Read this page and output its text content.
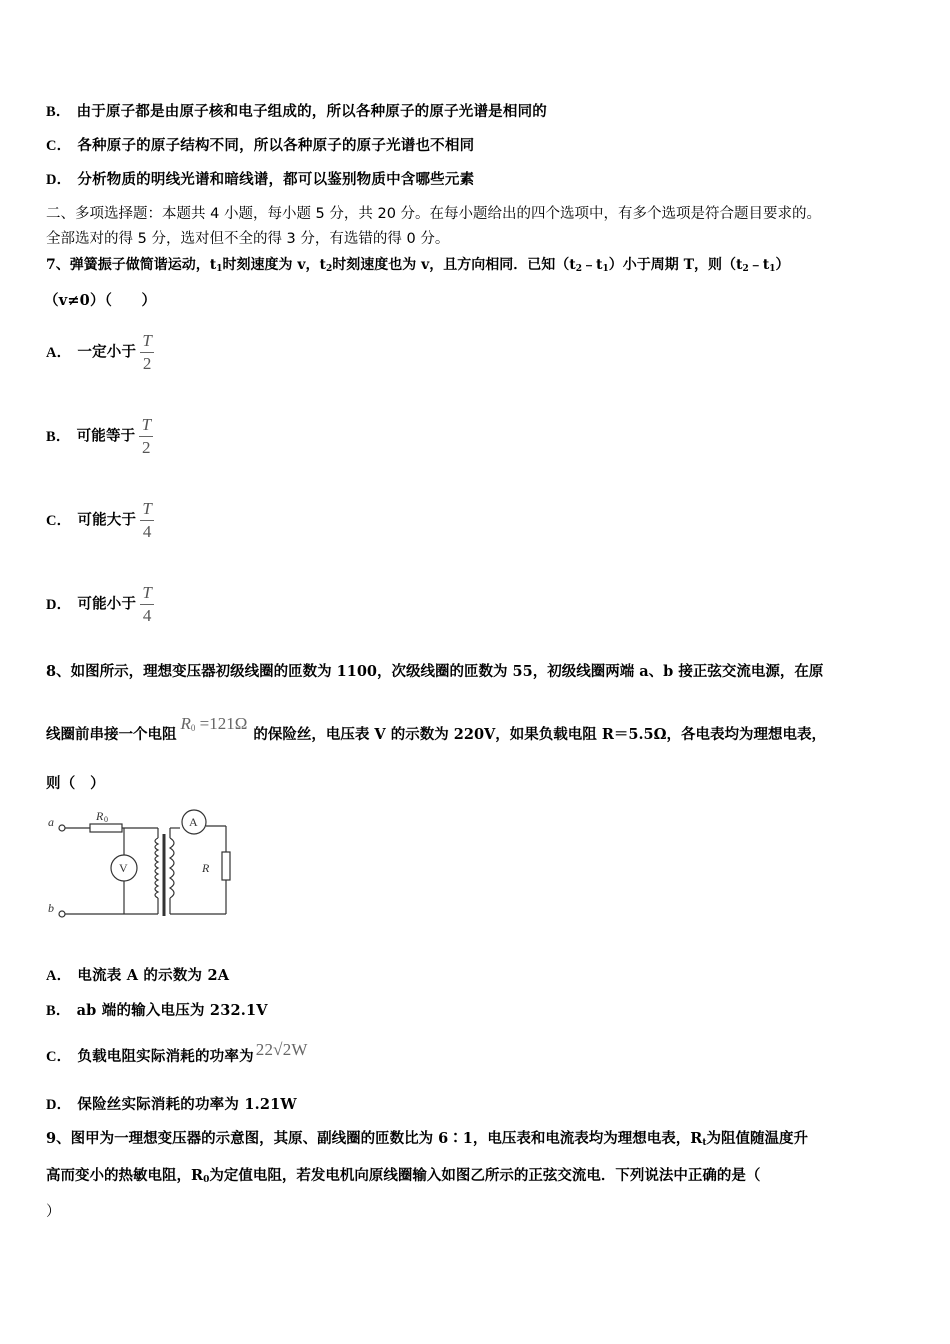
B． 由于原子都是由原子核和电子组成的，所以各种原子的原子光谱是相同的
C． 各种原子的原子结构不同，所以各种原子的原子光谱也不相同
D． 分析物质的明线光谱和暗线谱，都可以鉴别物质中含哪些元素
二、多项选择题：本题共 4 小题，每小题 5 分，共 20 分。在每小题给出的四个选项中，有多个选项是符合题目要求的。
全部选对的得 5 分，选对但不全的得 3 分，有选错的得 0 分。
7、弹簧振子做简谐运动，$t_1$时刻速度为 v，$t_2$时刻速度也为 v，且方向相同．已知$(t_2﹣t_1)$小于周期 T，则$(t_2﹣t_1)$
（v≠0）（　　）
A． 一定小于 $\frac{T}{2}$
B． 可能等于 $\frac{T}{2}$
C． 可能大于 $\frac{T}{4}$
D． 可能小于 $\frac{T}{4}$
8、如图所示，理想变压器初级线圈的匝数为 1100，次级线圈的匝数为 55，初级线圈两端 a、b 接正弦交流电源，在原
线圈前串接一个电阻$R_0 =121\Omega$的保险丝，电压表 V 的示数为 220V，如果负载电阻 R＝5.5Ω，各电表均为理想电表，
则（　）
a
b
R 0
V
A
R
A． 电流表 A 的示数为 2A
B． ab 端的输入电压为 232.1V
C． 负载电阻实际消耗的功率为 22√2W
D． 保险丝实际消耗的功率为 1.21W
9、图甲为一理想变压器的示意图，其原、副线圈的匝数比为 6∶1，电压表和电流表均为理想电表，$R_t$为阻值随温度升
高而变小的热敏电阻，$R_0$为定值电阻，若发电机向原线圈输入如图乙所示的正弦交流电．下列说法中正确的是（
）
